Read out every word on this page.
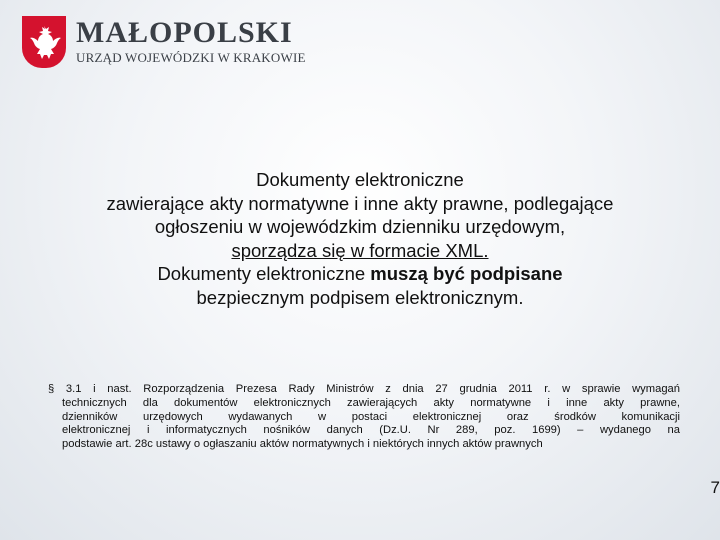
MAŁOPOLSKI
URZĄD WOJEWÓDZKI W KRAKOWIE
Dokumenty elektroniczne
zawierające akty normatywne i inne akty prawne, podlegające
ogłoszeniu w wojewódzkim dzienniku urzędowym,
sporządza się w formacie XML.
Dokumenty elektroniczne muszą być podpisane
bezpiecznym podpisem elektronicznym.
§ 3.1 i nast. Rozporządzenia Prezesa Rady Ministrów z dnia 27 grudnia 2011 r. w sprawie wymagań
technicznych dla dokumentów elektronicznych zawierających akty normatywne i inne akty prawne,
dzienników urzędowych wydawanych w postaci elektronicznej oraz środków komunikacji
elektronicznej i informatycznych nośników danych (Dz.U. Nr 289, poz. 1699) – wydanego na
podstawie art. 28c ustawy o ogłaszaniu aktów normatywnych i niektórych innych aktów prawnych
7
